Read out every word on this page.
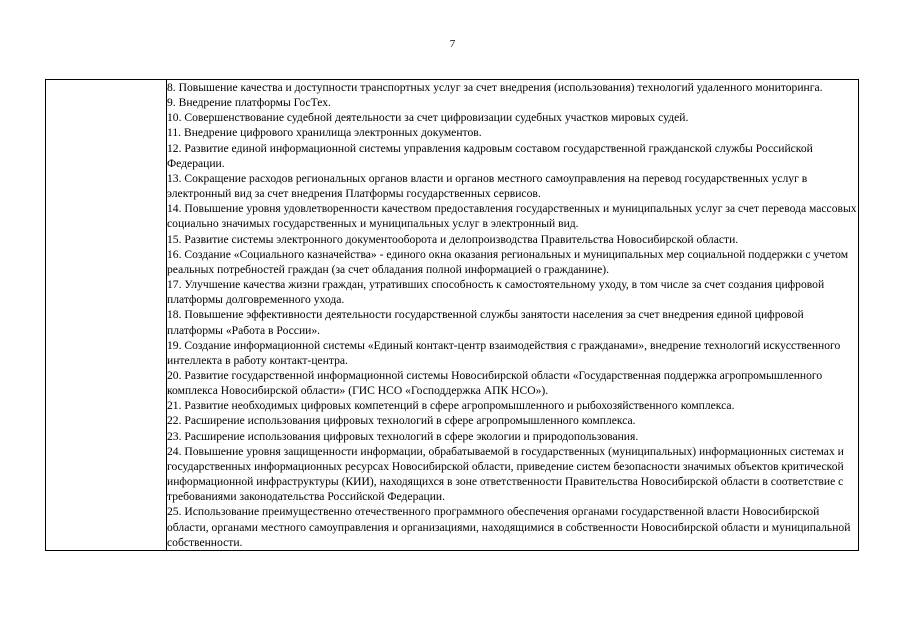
7

8. Повышение качества и доступности транспортных услуг за счет внедрения (использования) технологий удаленного мониторинга.

9. Внедрение платформы ГосТех.

10. Совершенствование судебной деятельности за счет цифровизации судебных участков мировых судей.

11. Внедрение цифрового хранилища электронных документов.

12. Развитие единой информационной системы управления кадровым составом государственной гражданской службы Российской Федерации.

13. Сокращение расходов региональных органов власти и органов местного самоуправления на перевод государственных услуг в электронный вид за счет внедрения Платформы государственных сервисов.

14. Повышение уровня удовлетворенности качеством предоставления государственных и муниципальных услуг за счет перевода массовых социально значимых государственных и муниципальных услуг в электронный вид.

15. Развитие системы электронного документооборота и делопроизводства Правительства Новосибирской области.

16. Создание «Социального казначейства» - единого окна оказания региональных и муниципальных мер социальной поддержки с учетом реальных потребностей граждан (за счет обладания полной информацией о гражданине).

17. Улучшение качества жизни граждан, утративших способность к самостоятельному уходу, в том числе за счет создания цифровой платформы долговременного ухода.

18. Повышение эффективности деятельности государственной службы занятости населения за счет внедрения единой цифровой платформы «Работа в России».

19. Создание информационной системы «Единый контакт-центр взаимодействия с гражданами», внедрение технологий искусственного интеллекта в работу контакт-центра.

20. Развитие государственной информационной системы Новосибирской области «Государственная поддержка агропромышленного комплекса Новосибирской области» (ГИС НСО «Господдержка АПК НСО»).

21. Развитие необходимых цифровых компетенций в сфере агропромышленного и рыбохозяйственного комплекса.

22. Расширение использования цифровых технологий в сфере агропромышленного комплекса.

23. Расширение использования цифровых технологий в сфере экологии и природопользования.

24. Повышение уровня защищенности информации, обрабатываемой в государственных (муниципальных) информационных системах и государственных информационных ресурсах Новосибирской области, приведение систем безопасности значимых объектов критической информационной инфраструктуры (КИИ), находящихся в зоне ответственности Правительства Новосибирской области в соответствие с требованиями законодательства Российской Федерации.

25. Использование преимущественно отечественного программного обеспечения органами государственной власти Новосибирской области, органами местного самоуправления и организациями, находящимися в собственности Новосибирской области и муниципальной собственности.
